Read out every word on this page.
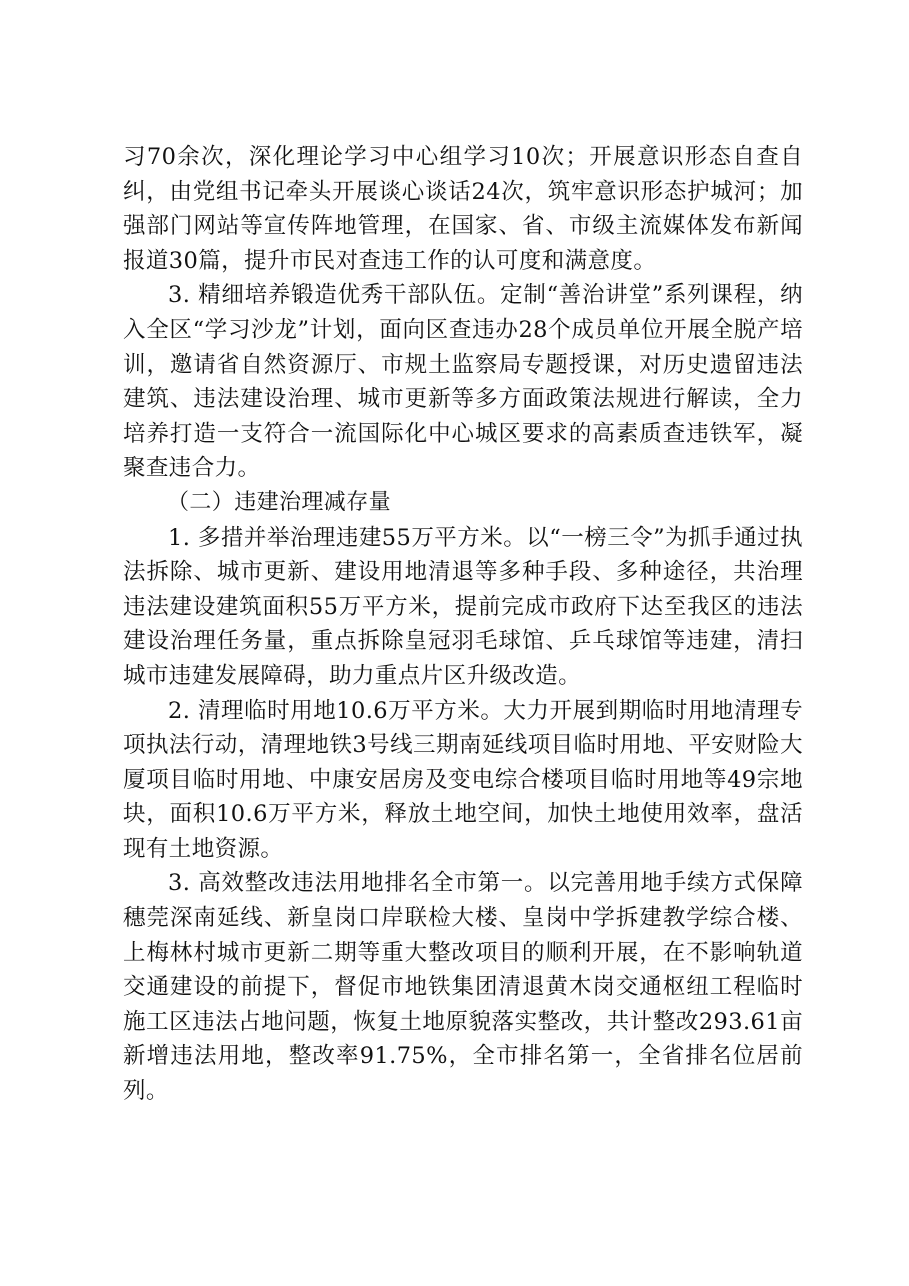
习70余次，深化理论学习中心组学习10次；开展意识形态自查自纠，由党组书记牵头开展谈心谈话24次，筑牢意识形态护城河；加强部门网站等宣传阵地管理，在国家、省、市级主流媒体发布新闻报道30篇，提升市民对查违工作的认可度和满意度。

3. 精细培养锻造优秀干部队伍。定制“善治讲堂”系列课程，纳入全区“学习沙龙”计划，面向区查违办28个成员单位开展全脱产培训，邀请省自然资源厅、市规土监察局专题授课，对历史遗留违法建筑、违法建设治理、城市更新等多方面政策法规进行解读，全力培养打造一支符合一流国际化中心城区要求的高素质查违铁军，凝聚查违合力。

（二）违建治理减存量

1. 多措并举治理违建55万平方米。以“一榜三令”为抓手通过执法拆除、城市更新、建设用地清退等多种手段、多种途径，共治理违法建设建筑面积55万平方米，提前完成市政府下达至我区的违法建设治理任务量，重点拆除皇冠羽毛球馆、乒乓球馆等违建，清扫城市违建发展障碍，助力重点片区升级改造。

2. 清理临时用地10.6万平方米。大力开展到期临时用地清理专项执法行动，清理地铁3号线三期南延线项目临时用地、平安财险大厦项目临时用地、中康安居房及变电综合楼项目临时用地等49宗地块，面积10.6万平方米，释放土地空间，加快土地使用效率，盘活现有土地资源。

3. 高效整改违法用地排名全市第一。以完善用地手续方式保障穗莞深南延线、新皇岗口岸联检大楼、皇岗中学拆建教学综合楼、上梅林村城市更新二期等重大整改项目的顺利开展，在不影响轨道交通建设的前提下，督促市地铁集团清退黄木岗交通枢纽工程临时施工区违法占地问题，恢复土地原貌落实整改，共计整改293.61亩新增违法用地，整改率91.75%，全市排名第一，全省排名位居前列。
